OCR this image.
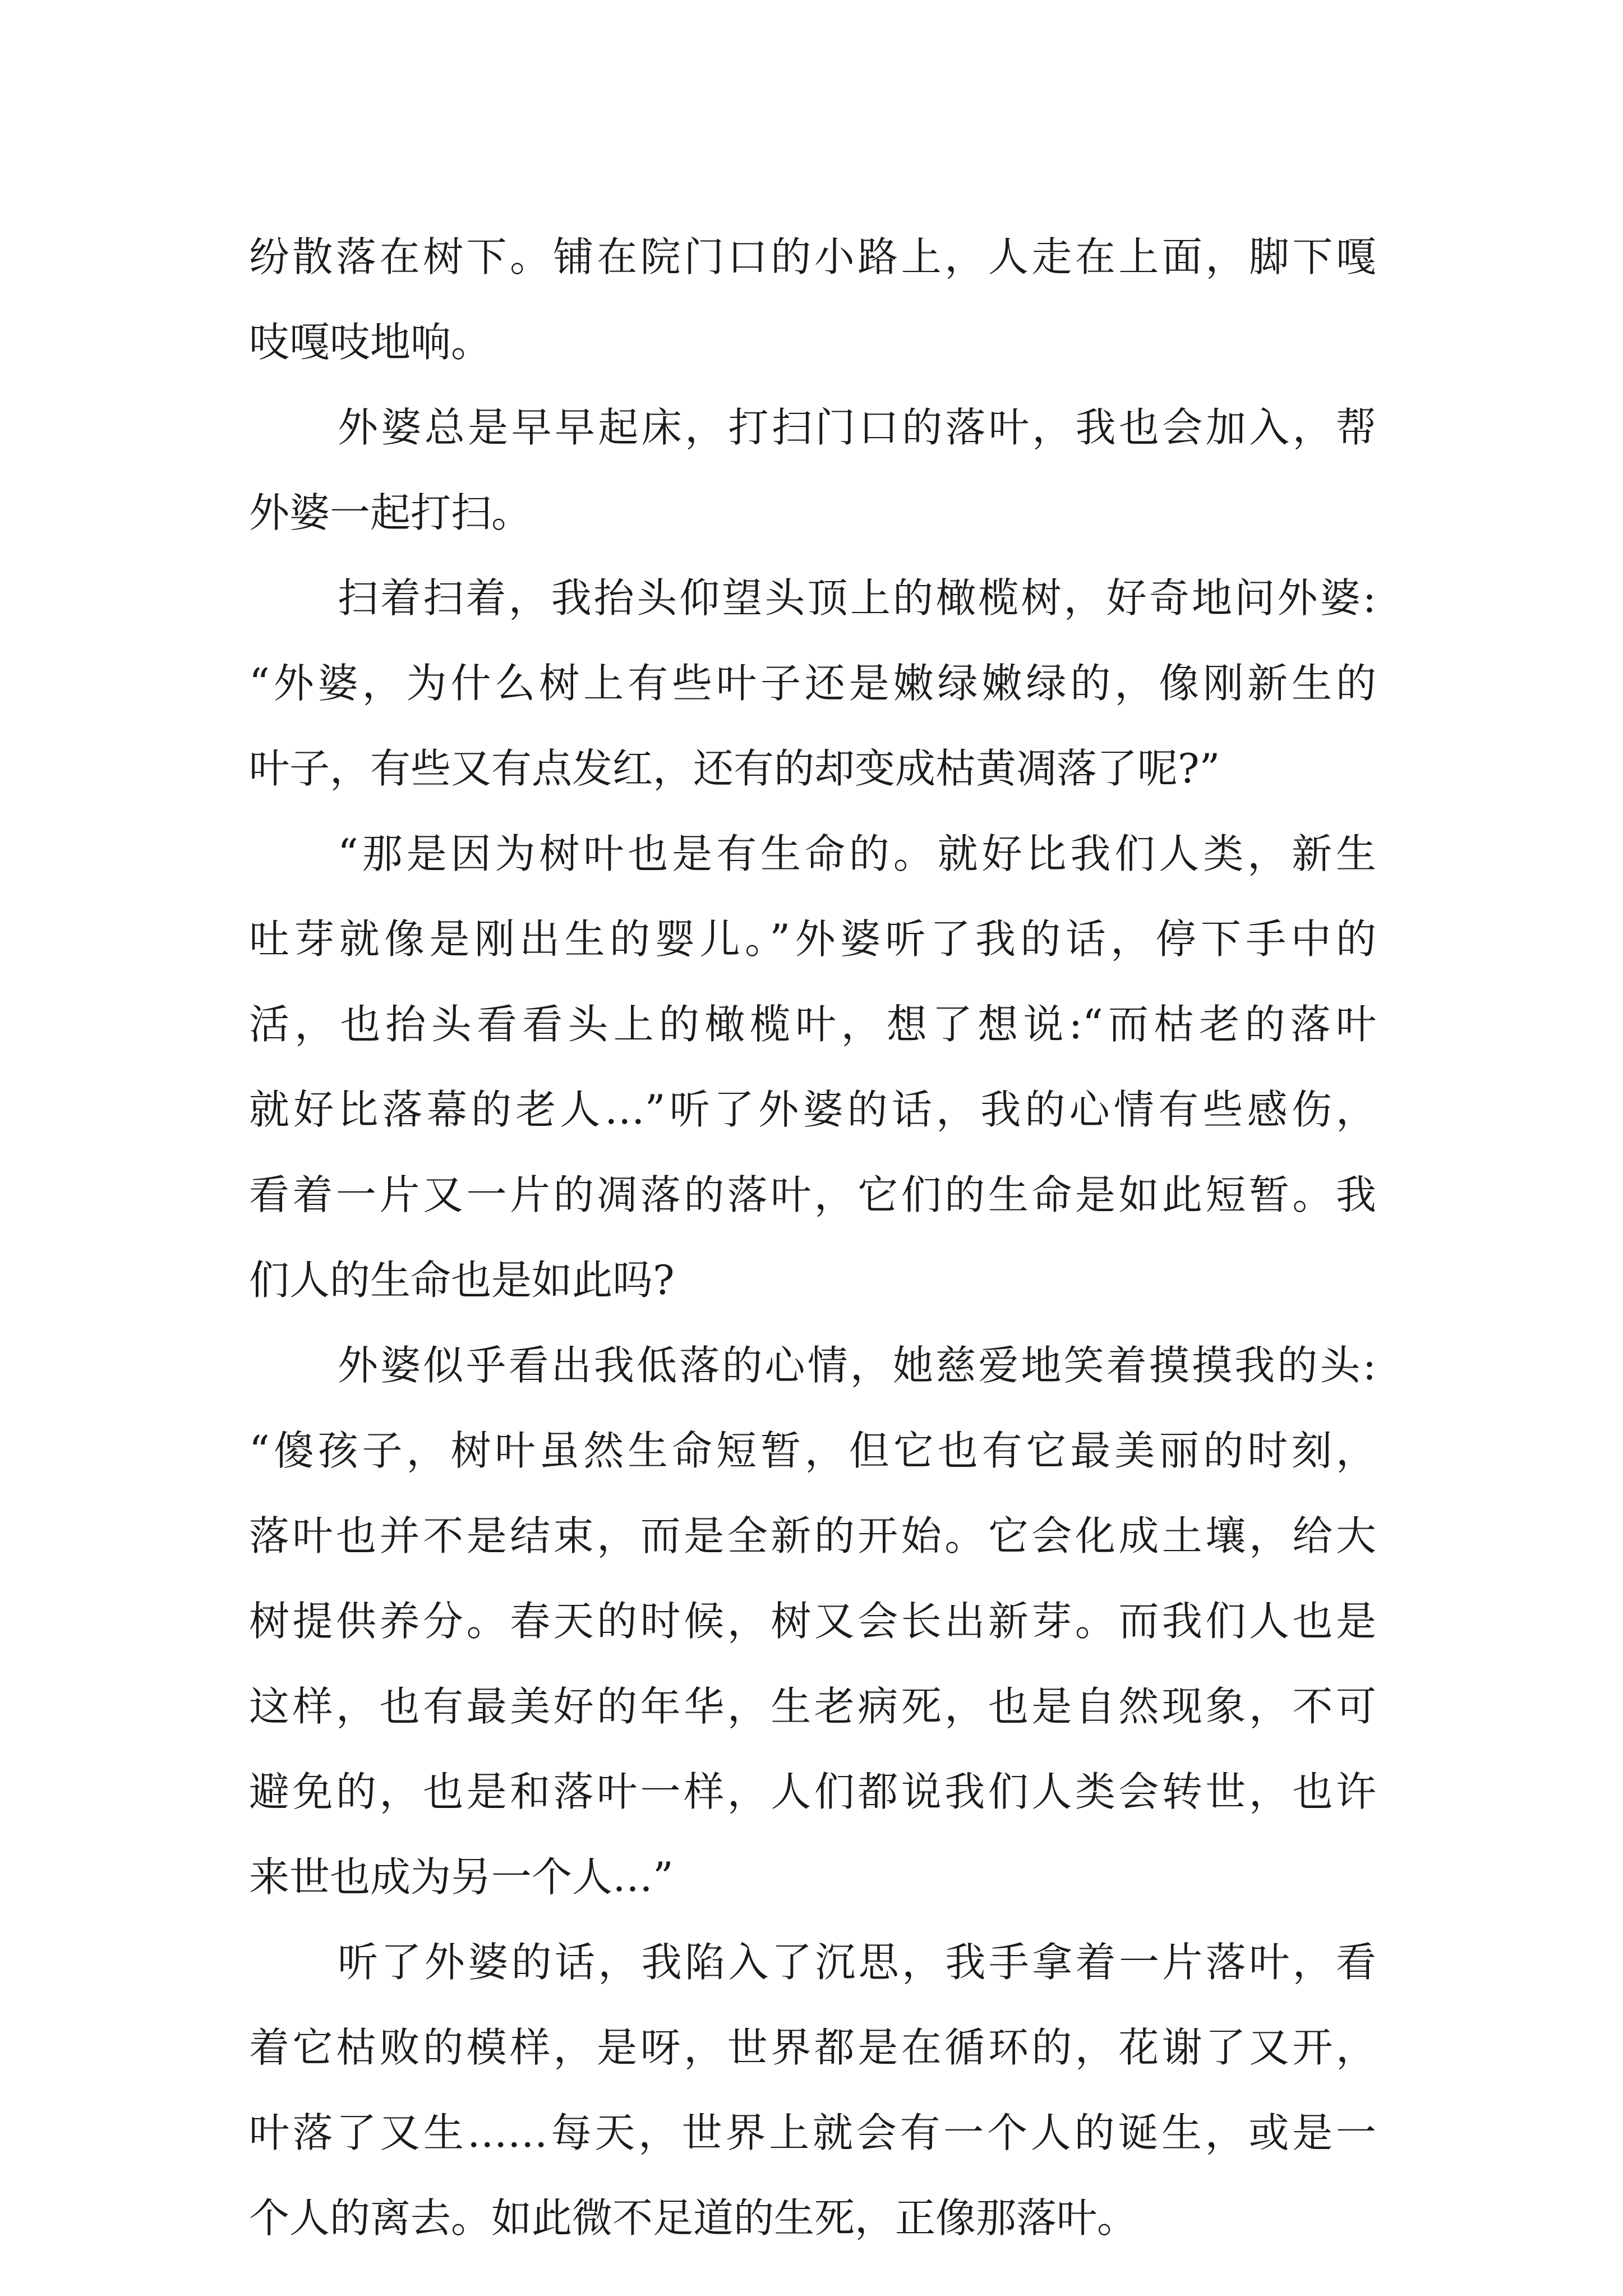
纷散落在树下。铺在院门口的小路上，人走在上面，脚下嘎
吱嘎吱地响。
外婆总是早早起床，打扫门口的落叶，我也会加入，帮
外婆一起打扫。
扫着扫着，我抬头仰望头顶上的橄榄树，好奇地问外婆:
“外婆，为什么树上有些叶子还是嫩绿嫩绿的，像刚新生的
叶子，有些又有点发红，还有的却变成枯黄凋落了呢?”
“那是因为树叶也是有生命的。就好比我们人类，新生
吐芽就像是刚出生的婴儿。”外婆听了我的话，停下手中的
活，也抬头看看头上的橄榄叶，想了想说:“而枯老的落叶
就好比落幕的老人…”听了外婆的话，我的心情有些感伤，
看着一片又一片的凋落的落叶，它们的生命是如此短暂。我
们人的生命也是如此吗?
外婆似乎看出我低落的心情，她慈爱地笑着摸摸我的头:
“傻孩子，树叶虽然生命短暂，但它也有它最美丽的时刻，
落叶也并不是结束，而是全新的开始。它会化成土壤，给大
树提供养分。春天的时候，树又会长出新芽。而我们人也是
这样，也有最美好的年华，生老病死，也是自然现象，不可
避免的，也是和落叶一样，人们都说我们人类会转世，也许
来世也成为另一个人…”
听了外婆的话，我陷入了沉思，我手拿着一片落叶，看
着它枯败的模样，是呀，世界都是在循环的，花谢了又开，
叶落了又生……每天，世界上就会有一个人的诞生，或是一
个人的离去。如此微不足道的生死，正像那落叶。
